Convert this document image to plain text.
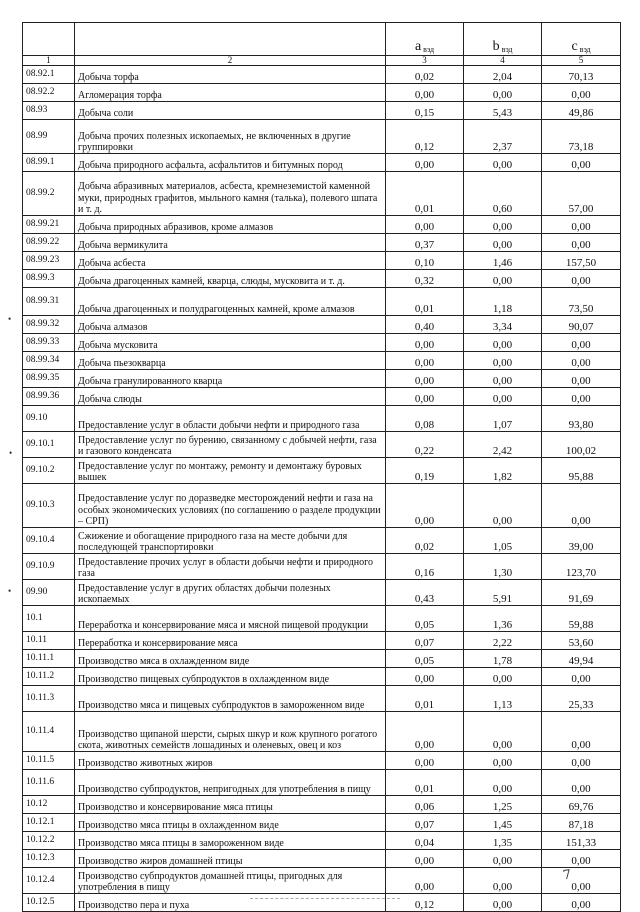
		a $_{вэд}$	b $_{вэд}$	c $_{вэд}$
1	2	3	4	5
08.92.1	Добыча торфа	0,02	2,04	70,13
08.92.2	Агломерация торфа	0,00	0,00	0,00
08.93	Добыча соли	0,15	5,43	49,86
08.99	Добыча прочих полезных ископаемых, не включенных в другие группировки	0,12	2,37	73,18
08.99.1	Добыча природного асфальта, асфальтитов и битумных пород	0,00	0,00	0,00
08.99.2	Добыча абразивных материалов, асбеста, кремнеземистой каменной муки, природных графитов, мыльного камня (талька), полевого шпата и т. д.	0,01	0,60	57,00
08.99.21	Добыча природных абразивов, кроме алмазов	0,00	0,00	0,00
08.99.22	Добыча вермикулита	0,37	0,00	0,00
08.99.23	Добыча асбеста	0,10	1,46	157,50
08.99.3	Добыча драгоценных камней, кварца, слюды, мусковита и т. д.	0,32	0,00	0,00
08.99.31	Добыча драгоценных и полудрагоценных камней, кроме алмазов	0,01	1,18	73,50
08.99.32	Добыча алмазов	0,40	3,34	90,07
08.99.33	Добыча мусковита	0,00	0,00	0,00
08.99.34	Добыча пьезокварца	0,00	0,00	0,00
08.99.35	Добыча гранулированного кварца	0,00	0,00	0,00
08.99.36	Добыча слюды	0,00	0,00	0,00
09.10	Предоставление услуг в области добычи нефти и природного газа	0,08	1,07	93,80
09.10.1	Предоставление услуг по бурению, связанному с добычей нефти, газа и газового конденсата	0,22	2,42	100,02
09.10.2	Предоставление услуг по монтажу, ремонту и демонтажу буровых вышек	0,19	1,82	95,88
09.10.3	Предоставление услуг по доразведке месторождений нефти и газа на особых экономических условиях (по соглашению о разделе продукции – СРП)	0,00	0,00	0,00
09.10.4	Сжижение и обогащение природного газа на месте добычи для последующей транспортировки	0,02	1,05	39,00
09.10.9	Предоставление прочих услуг в области добычи нефти и природного газа	0,16	1,30	123,70
09.90	Предоставление услуг в других областях добычи полезных ископаемых	0,43	5,91	91,69
10.1	Переработка и консервирование мяса и мясной пищевой продукции	0,05	1,36	59,88
10.11	Переработка и консервирование мяса	0,07	2,22	53,60
10.11.1	Производство мяса в охлажденном виде	0,05	1,78	49,94
10.11.2	Производство пищевых субпродуктов в охлажденном виде	0,00	0,00	0,00
10.11.3	Производство мяса и пищевых субпродуктов в замороженном виде	0,01	1,13	25,33
10.11.4	Производство щипаной шерсти, сырых шкур и кож крупного рогатого скота, животных семейств лошадиных и оленевых, овец и коз	0,00	0,00	0,00
10.11.5	Производство животных жиров	0,00	0,00	0,00
10.11.6	Производство субпродуктов, непригодных для употребления в пищу	0,01	0,00	0,00
10.12	Производство и консервирование мяса птицы	0,06	1,25	69,76
10.12.1	Производство мяса птицы в охлажденном виде	0,07	1,45	87,18
10.12.2	Производство мяса птицы в замороженном виде	0,04	1,35	151,33
10.12.3	Производство жиров домашней птицы	0,00	0,00	0,00
10.12.4	Производство субпродуктов домашней птицы, пригодных для употребления в пищу	0,00	0,00	0,00
10.12.5	Производство пера и пуха	0,12	0,00	0,00
•
•
•
7
